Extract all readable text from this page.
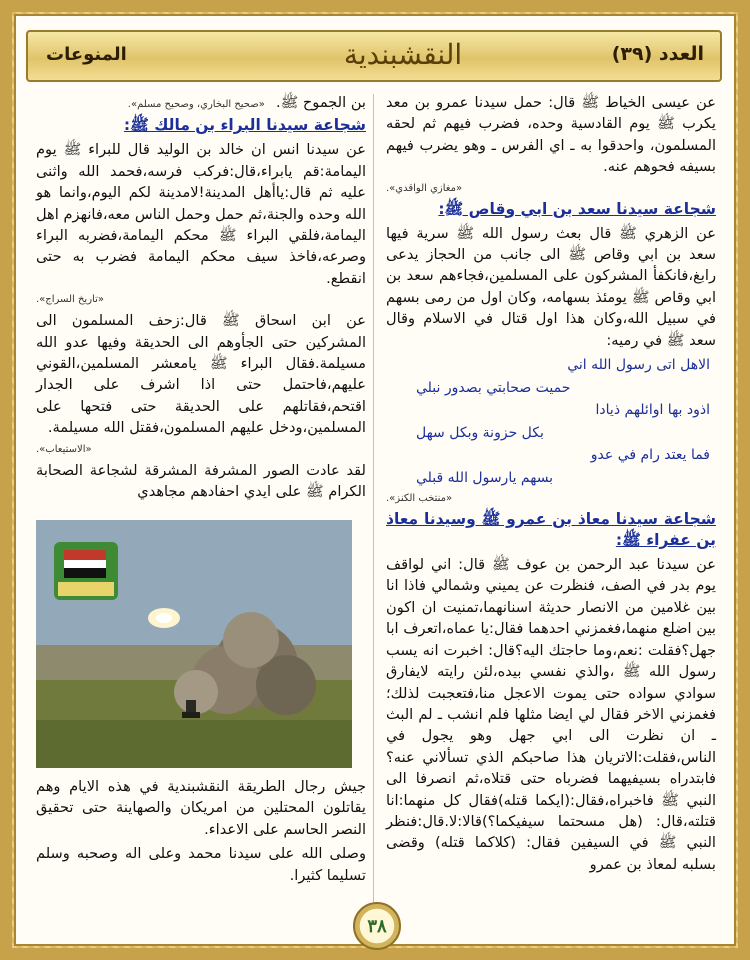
العدد (٣٩)
النقشبندية
المنوعات

عن عيسى الخياط ﷺ قال: حمل سيدنا عمرو بن معد يكرب ﷺ يوم القادسية وحده، فضرب فيهم ثم لحقه المسلمون، واحدقوا به ـ اي الفرس ـ وهو يضرب فيهم بسيفه فحوهم عنه.

«مغازي الواقدي».
شجاعة سيدنا سعد بن ابي وقاص ﷺ:

عن الزهري ﷺ قال بعث رسول الله ﷺ سرية فيها سعد بن ابي وقاص ﷺ الى جانب من الحجاز يدعى رابغ،فانكفأ المشركون على المسلمين،فجاءهم سعد بن ابي وقاص ﷺ يومئذ بسهامه، وكان اول من رمى بسهم في سبيل الله،وكان هذا اول قتال في الاسلام وقال سعد ﷺ في رميه:

الاهل اتى رسول الله اني
حميت صحابتي بصدور نبلي
اذود بها اوائلهم ذيادا
بكل حزونة وبكل سهل
فما يعتد رام في عدو
بسهم يارسول الله قبلي
«منتخب الكنز».
شجاعة سيدنا معاذ بن عمرو ﷺ وسيدنا معاذ بن عفراء ﷺ:

عن سيدنا عبد الرحمن بن عوف ﷺ قال: اني لواقف يوم بدر في الصف، فنظرت عن يميني وشمالي فاذا انا بين غلامين من الانصار حديثة اسنانهما،تمنيت ان اكون بين اضلع منهما،فغمزني احدهما فقال:يا عماه،اتعرف ابا جهل؟فقلت :نعم،وما حاجتك اليه؟قال: اخبرت انه يسب رسول الله ﷺ ،والذي نفسي بيده،لئن رايته لايفارق سوادي سواده حتى يموت الاعجل منا،فتعجبت لذلك؛فغمزني الاخر فقال لي ايضا مثلها فلم انشب ـ لم البث ـ ان نظرت الى ابي جهل وهو يجول في الناس،فقلت:الاتريان هذا صاحبكم الذي تسألاني عنه؟فابتدراه بسيفيهما فضرباه حتى قتلاه،ثم انصرفا الى النبي ﷺ فاخبراه،فقال:(ايكما قتله)فقال كل منهما:انا قتلته،قال: (هل مسحتما سيفيكما؟)قالا:لا.قال:فنظر النبي ﷺ في السيفين فقال: (كلاكما قتله) وقضى بسلبه لمعاذ بن عمرو

بن الجموح ﷺ.

«صحيح البخاري، وصحيح مسلم».
شجاعة سيدنا البراء بن مالك ﷺ:

عن سيدنا انس ان خالد بن الوليد قال للبراء ﷺ يوم اليمامة:قم يابراء،قال:فركب فرسه،فحمد الله واثنى عليه ثم قال:ياأهل المدينة!لامدينة لكم اليوم،وانما هو الله وحده والجنة،ثم حمل وحمل الناس معه،فانهزم اهل اليمامة،فلقي البراء ﷺ محكم اليمامة،فضربه البراء وصرعه،فاخذ سيف محكم اليمامة فضرب به حتى انقطع.

«تاريخ السراج».

عن ابن اسحاق ﷺ قال:زحف المسلمون الى المشركين حتى الجأوهم الى الحديقة وفيها عدو الله مسيلمة.فقال البراء ﷺ يامعشر المسلمين،القوني عليهم،فاحتمل حتى اذا اشرف على الجدار اقتحم،فقاتلهم على الحديقة حتى فتحها على المسلمين،ودخل عليهم المسلمون،فقتل الله مسيلمة.

«الاستيعاب».

لقد عادت الصور المشرفة المشرقة لشجاعة الصحابة الكرام ﷺ على ايدي احفادهم مجاهدي

جيش رجال الطريقة النقشبندية في هذه الايام وهم يقاتلون المحتلين من امريكان والصهاينة حتى تحقيق النصر الحاسم على الاعداء.

وصلى الله على سيدنا محمد وعلى اله وصحبه وسلم تسليما كثيرا.

٣٨
